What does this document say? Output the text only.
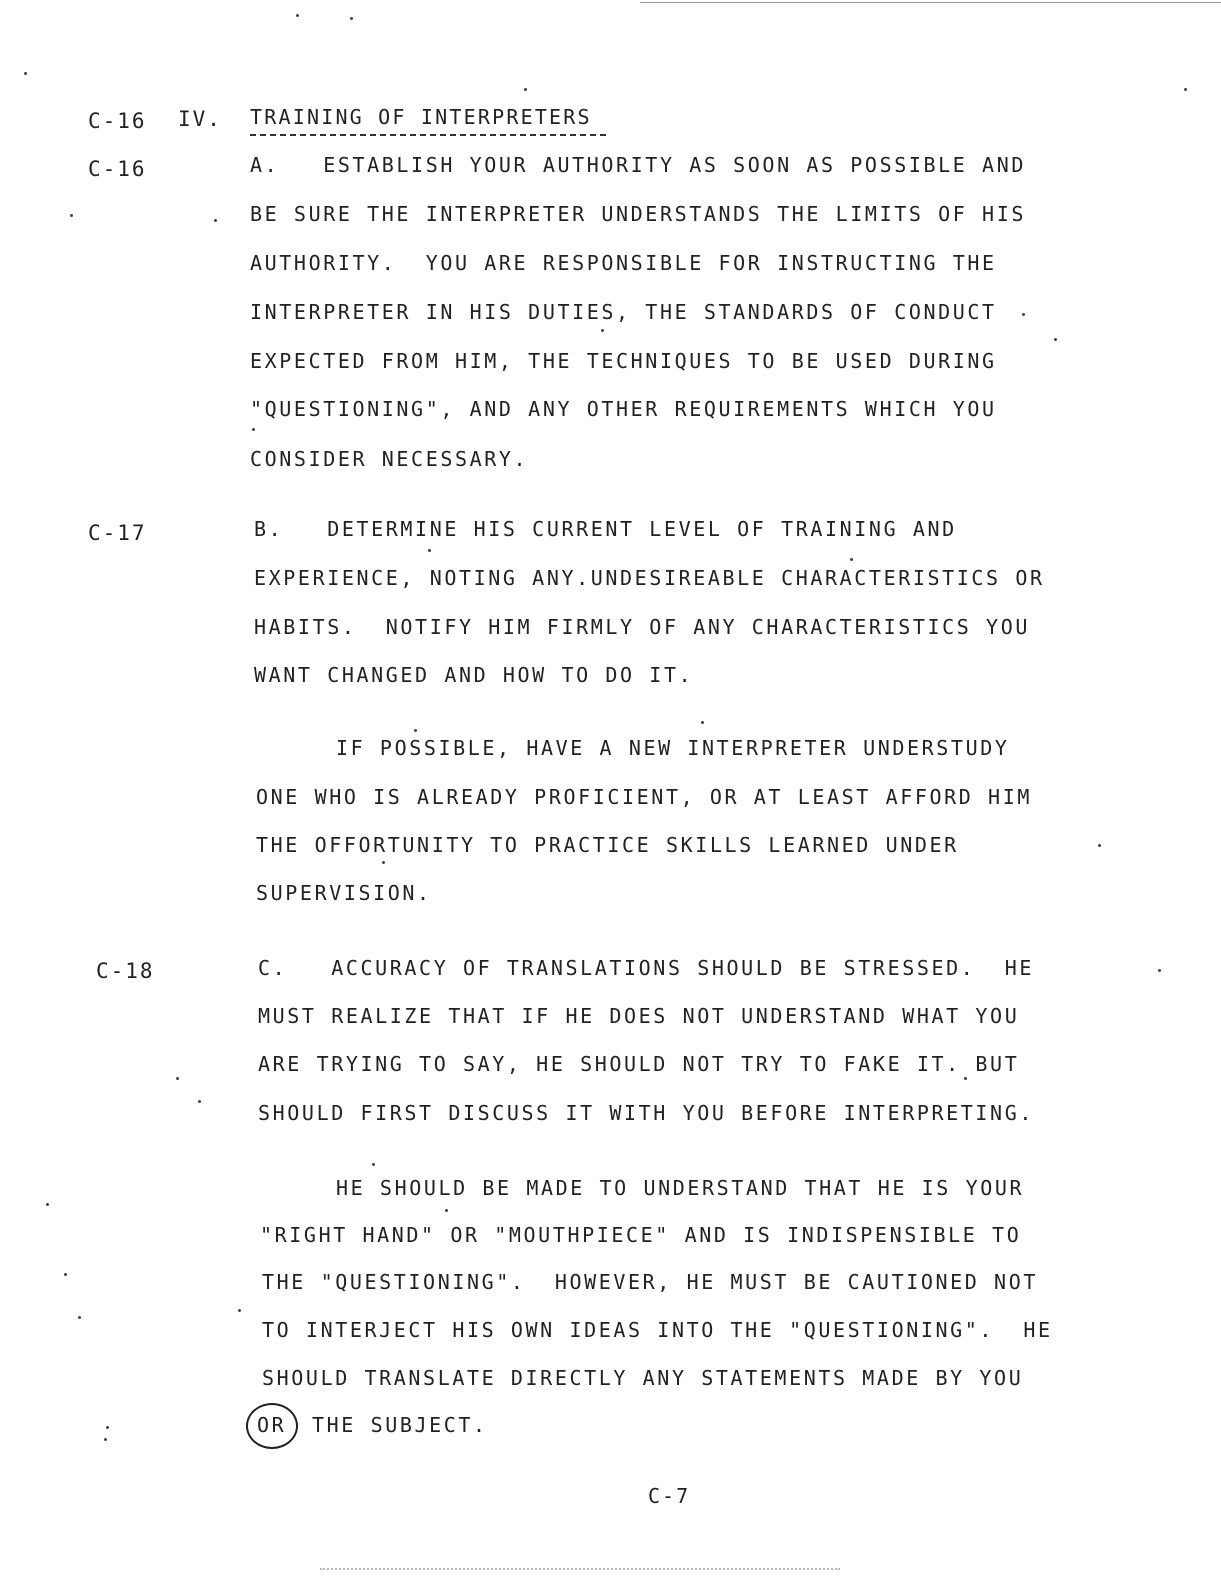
C-16 IV. TRAINING OF INTERPRETERS
C-16	A.   ESTABLISH YOUR AUTHORITY AS SOON AS POSSIBLE AND
BE SURE THE INTERPRETER UNDERSTANDS THE LIMITS OF HIS
AUTHORITY.  YOU ARE RESPONSIBLE FOR INSTRUCTING THE
INTERPRETER IN HIS DUTIES, THE STANDARDS OF CONDUCT
EXPECTED FROM HIM, THE TECHNIQUES TO BE USED DURING
"QUESTIONING", AND ANY OTHER REQUIREMENTS WHICH YOU
CONSIDER NECESSARY.
C-17	B.   DETERMINE HIS CURRENT LEVEL OF TRAINING AND
EXPERIENCE, NOTING ANY.UNDESIREABLE CHARACTERISTICS OR
HABITS.  NOTIFY HIM FIRMLY OF ANY CHARACTERISTICS YOU
WANT CHANGED AND HOW TO DO IT.
IF POSSIBLE, HAVE A NEW INTERPRETER UNDERSTUDY
ONE WHO IS ALREADY PROFICIENT, OR AT LEAST AFFORD HIM
THE OFFORTUNITY TO PRACTICE SKILLS LEARNED UNDER
SUPERVISION.
C-18	C.   ACCURACY OF TRANSLATIONS SHOULD BE STRESSED.  HE
MUST REALIZE THAT IF HE DOES NOT UNDERSTAND WHAT YOU
ARE TRYING TO SAY, HE SHOULD NOT TRY TO FAKE IT. BUT
SHOULD FIRST DISCUSS IT WITH YOU BEFORE INTERPRETING.
HE SHOULD BE MADE TO UNDERSTAND THAT HE IS YOUR
"RIGHT HAND" OR "MOUTHPIECE" AND IS INDISPENSIBLE TO
THE "QUESTIONING".  HOWEVER, HE MUST BE CAUTIONED NOT
TO INTERJECT HIS OWN IDEAS INTO THE "QUESTIONING".  HE
SHOULD TRANSLATE DIRECTLY ANY STATEMENTS MADE BY YOU
OR THE SUBJECT.
C-7
